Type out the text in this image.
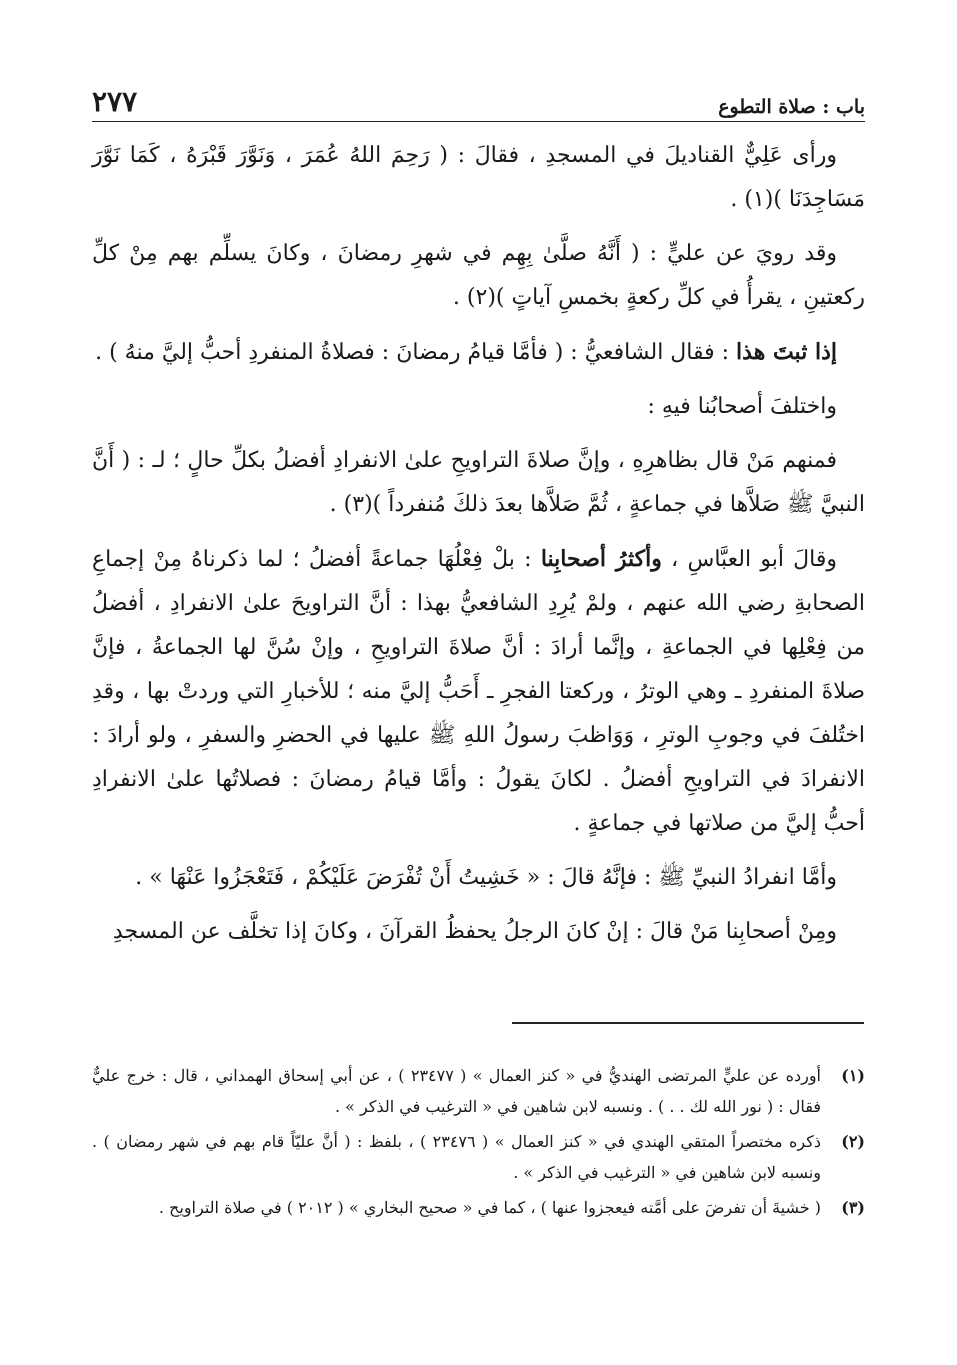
٢٧٧	باب : صلاة التطوع

ورأى عَلِيٌّ القناديلَ في المسجدِ ، فقالَ : ( رَحِمَ اللهُ عُمَرَ ، وَنَوَّرَ قَبْرَهُ ، كَمَا نَوَّرَ مَسَاجِدَنَا )(١) .

وقد رويَ عن عليٍّ : ( أَنَّهُ صلَّىٰ بِهِم في شهرِ رمضانَ ، وكانَ يسلِّم بهم مِنْ كلِّ ركعتينِ ، يقرأُ في كلِّ ركعةٍ بخمسِ آياتٍ )(٢) .

إذا ثبتَ هذا : فقال الشافعيُّ : ( فأمَّا قيامُ رمضانَ : فصلاةُ المنفردِ أحبُّ إليَّ منهُ ) .

واختلفَ أصحابُنا فيهِ :

فمنهم مَنْ قال بظاهرِهِ ، وإنَّ صلاةَ التراويحِ علىٰ الانفرادِ أفضلُ بكلِّ حالٍ ؛ لـ : ( أَنَّ النبيَّ ﷺ صَلاَّها في جماعةٍ ، ثُمَّ صَلاَّها بعدَ ذلكَ مُنفرداً )(٣) .

وقالَ أبو العبَّاسِ ، وأكثرُ أصحابِنا : بلْ فِعْلُهَا جماعةً أفضلُ ؛ لما ذكرناهُ مِنْ إجماعِ الصحابةِ رضي الله عنهم ، ولمْ يُرِدِ الشافعيُّ بهذا : أنَّ التراويحَ علىٰ الانفرادِ ، أفضلُ من فِعْلِها في الجماعةِ ، وإنَّما أرادَ : أنَّ صلاةَ التراويحِ ، وإنْ سُنَّ لها الجماعةُ ، فإنَّ صلاةَ المنفردِ ـ وهي الوترُ ، وركعتا الفجرِ ـ أَحَبُّ إليَّ منه ؛ للأخبارِ التي وردتْ بها ، وقدِ اختُلفَ في وجوبِ الوترِ ، وَوَاظبَ رسولُ اللهِ ﷺ عليها في الحضرِ والسفرِ ، ولو أرادَ : الانفرادَ في التراويحِ أفضلُ . لكانَ يقولُ : وأمَّا قيامُ رمضانَ : فصلاتُها علىٰ الانفرادِ أحبُّ إليَّ من صلاتها في جماعةٍ .

وأمَّا انفرادُ النبيِّ ﷺ : فإنَّهُ قالَ : « خَشِيتُ أَنْ تُفْرَضَ عَلَيْكُمْ ، فَتَعْجَزُوا عَنْهَا » .

ومِنْ أصحابِنا مَنْ قالَ : إنْ كانَ الرجلُ يحفظُ القرآنَ ، وكانَ إذا تخلَّف عن المسجدِ

(١)
أورده عن عليٍّ المرتضى الهنديُّ في « كنز العمال » ( ٢٣٤٧٧ ) ، عن أبي إسحاق الهمداني ، قال : خرج عليٌّ فقال : ( نور الله لك . . ) . ونسبه لابن شاهين في « الترغيب في الذكر » .
(٢)
ذكره مختصراً المتقي الهندي في « كنز العمال » ( ٢٣٤٧٦ ) ، بلفظ : ( أنَّ عليّاً قام بهم في شهر رمضان ) . ونسبه لابن شاهين في « الترغيب في الذكر » .
(٣)
( خشيةَ أن تفرضَ على أمَّته فيعجزوا عنها ) ، كما في « صحيح البخاري » ( ٢٠١٢ ) في صلاة التراويح .
